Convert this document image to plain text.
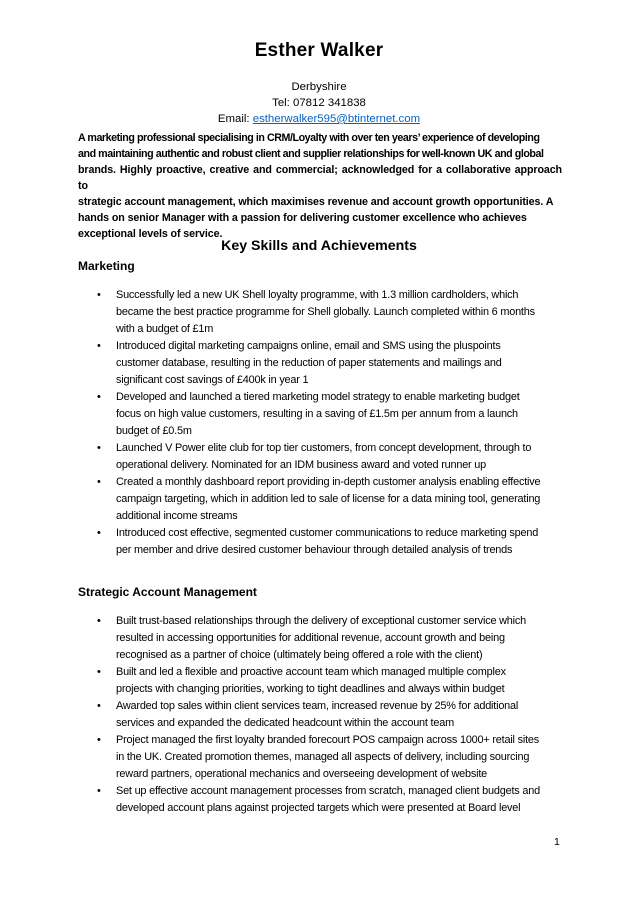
Esther Walker
Derbyshire
Tel: 07812 341838
Email: estherwalker595@btinternet.com
A marketing professional specialising in CRM/Loyalty with over ten years’ experience of developing
and maintaining authentic and robust client and supplier relationships for well-known UK and global
brands. Highly proactive, creative and commercial; acknowledged for a collaborative approach to
strategic account management, which maximises revenue and account growth opportunities. A
hands on senior Manager with a passion for delivering customer excellence who achieves
exceptional levels of service.
Key Skills and Achievements
Marketing
• Successfully led a new UK Shell loyalty programme, with 1.3 million cardholders, which
became the best practice programme for Shell globally. Launch completed within 6 months
with a budget of £1m
• Introduced digital marketing campaigns online, email and SMS using the pluspoints
customer database, resulting in the reduction of paper statements and mailings and
significant cost savings of £400k in year 1
• Developed and launched a tiered marketing model strategy to enable marketing budget
focus on high value customers, resulting in a saving of £1.5m per annum from a launch
budget of £0.5m
• Launched V Power elite club for top tier customers, from concept development, through to
operational delivery. Nominated for an IDM business award and voted runner up
• Created a monthly dashboard report providing in-depth customer analysis enabling effective
campaign targeting, which in addition led to sale of license for a data mining tool, generating
additional income streams
• Introduced cost effective, segmented customer communications to reduce marketing spend
per member and drive desired customer behaviour through detailed analysis of trends
Strategic Account Management
• Built trust-based relationships through the delivery of exceptional customer service which
resulted in accessing opportunities for additional revenue, account growth and being
recognised as a partner of choice (ultimately being offered a role with the client)
• Built and led a flexible and proactive account team which managed multiple complex
projects with changing priorities, working to tight deadlines and always within budget
• Awarded top sales within client services team, increased revenue by 25% for additional
services and expanded the dedicated headcount within the account team
• Project managed the first loyalty branded forecourt POS campaign across 1000+ retail sites
in the UK. Created promotion themes, managed all aspects of delivery, including sourcing
reward partners, operational mechanics and overseeing development of website
• Set up effective account management processes from scratch, managed client budgets and
developed account plans against projected targets which were presented at Board level
1
